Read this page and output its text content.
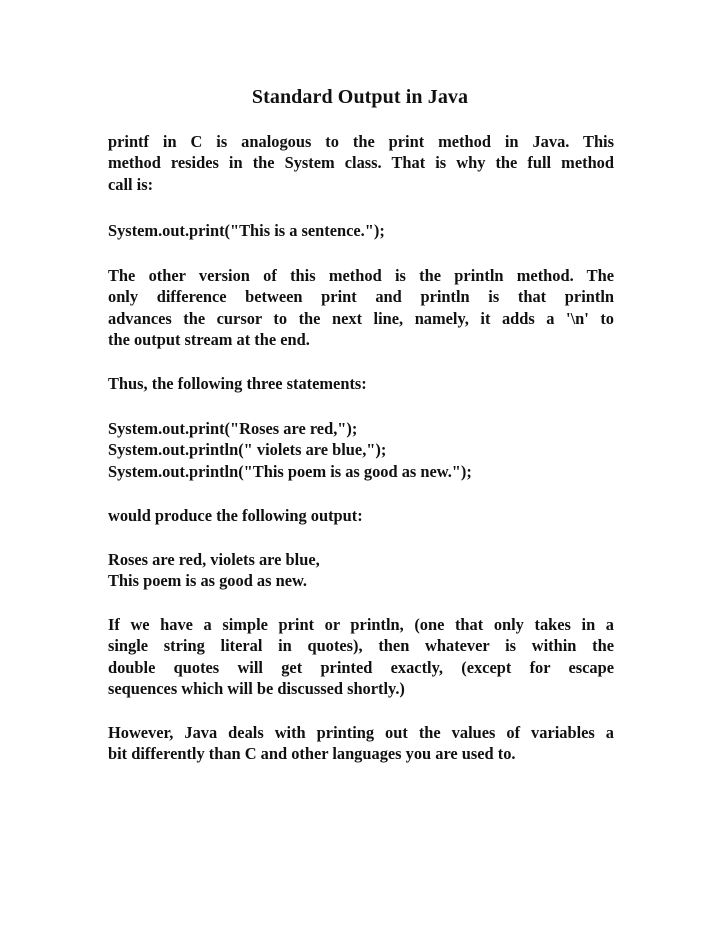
Standard Output in Java
printf in C is analogous to the print method in Java. This
method resides in the System class. That is why the full method
call is:
System.out.print("This is a sentence.");
The other version of this method is the println method. The
only difference between print and println is that println
advances the cursor to the next line, namely, it adds a '\n' to
the output stream at the end.
Thus, the following three statements:
System.out.print("Roses are red,");
System.out.println(" violets are blue,");
System.out.println("This poem is as good as new.");
would produce the following output:
Roses are red, violets are blue,
This poem is as good as new.
If we have a simple print or println, (one that only takes in a
single string literal in quotes), then whatever is within the
double quotes will get printed exactly, (except for escape
sequences which will be discussed shortly.)
However, Java deals with printing out the values of variables a
bit differently than C and other languages you are used to.
